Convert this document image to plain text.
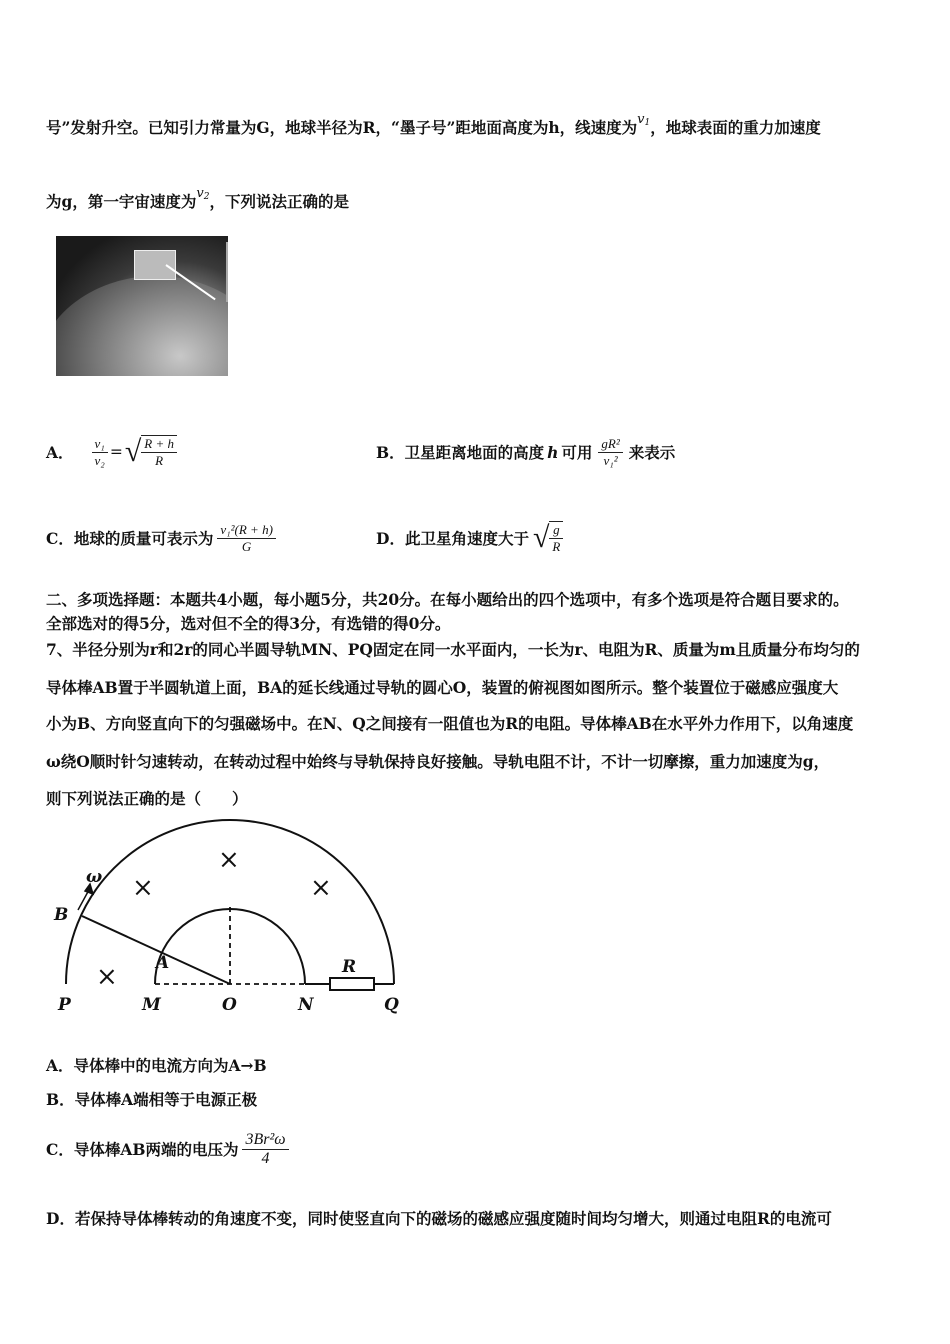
号”发射升空。已知引力常量为G，地球半径为R，“墨子号”距地面高度为h，线速度为$^{v1}$，地球表面的重力加速度
为g，第一宇宙速度为$^{v2}$，下列说法正确的是
A． $\frac{\text{v₁}}{\text{v₂}}$ = √ $\frac{R + h}{R}$	B．卫星距离地面的高度 h 可用 $\frac{\text{gR²}}{\text{v₁²}}$ 来表示
C．地球的质量可表示为 $\frac{\text{v₁²(R + h)}}{G}$	D．此卫星角速度大于 √ $\frac{g}{R}$
二、多项选择题：本题共4小题，每小题5分，共20分。在每小题给出的四个选项中，有多个选项是符合题目要求的。
全部选对的得5分，选对但不全的得3分，有选错的得0分。
7、半径分别为r和2r的同心半圆导轨MN、PQ固定在同一水平面内，一长为r、电阻为R、质量为m且质量分布均匀的
导体棒AB置于半圆轨道上面，BA的延长线通过导轨的圆心O，装置的俯视图如图所示。整个装置位于磁感应强度大
小为B、方向竖直向下的匀强磁场中。在N、Q之间接有一阻值也为R的电阻。导体棒AB在水平外力作用下，以角速度
ω绕O顺时针匀速转动，在转动过程中始终与导轨保持良好接触。导轨电阻不计，不计一切摩擦，重力加速度为g，
则下列说法正确的是（　　）
×
×
×
×
P	M	O	N	Q
A
B
R
ω
A．导体棒中的电流方向为A→B
B．导体棒A端相等于电源正极
C．导体棒AB两端的电压为 $\frac{\text{3Br²ω}}{4}$
D．若保持导体棒转动的角速度不变，同时使竖直向下的磁场的磁感应强度随时间均匀增大，则通过电阻R的电流可
